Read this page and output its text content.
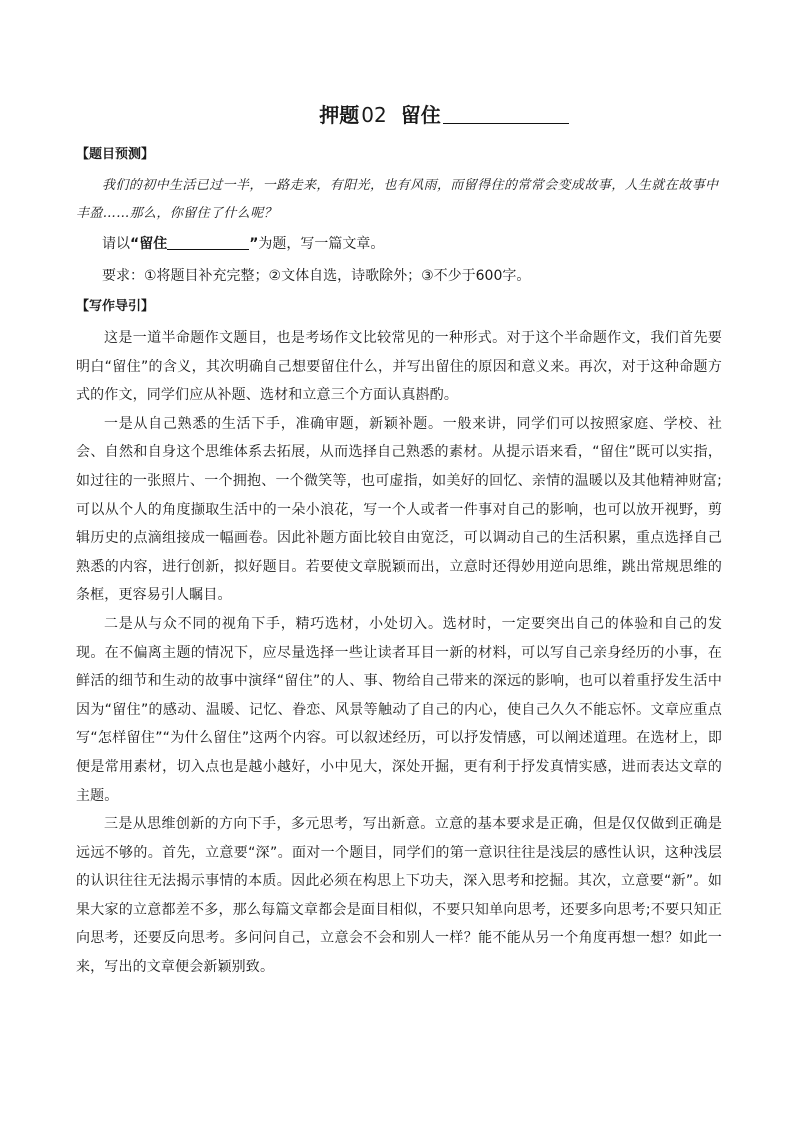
押题 02 留住
【题目预测】

我们的初中生活已过一半，一路走来，有阳光，也有风雨，而留得住的常常会变成故事，人生就在故事中丰盈……那么，你留住了什么呢？

请以“留住	”为题，写一篇文章。
要求：①将题目补充完整；②文体自选，诗歌除外；③不少于600字。
【写作导引】

这是一道半命题作文题目，也是考场作文比较常见的一种形式。对于这个半命题作文，我们首先要明白“留住”的含义，其次明确自己想要留住什么，并写出留住的原因和意义来。再次，对于这种命题方式的作文，同学们应从补题、选材和立意三个方面认真斟酌。

一是从自己熟悉的生活下手，准确审题，新颖补题。一般来讲，同学们可以按照家庭、学校、社会、自然和自身这个思维体系去拓展，从而选择自己熟悉的素材。从提示语来看，“留住”既可以实指，如过往的一张照片、一个拥抱、一个微笑等，也可虚指，如美好的回忆、亲情的温暖以及其他精神财富;可以从个人的角度撷取生活中的一朵小浪花，写一个人或者一件事对自己的影响，也可以放开视野，剪辑历史的点滴组接成一幅画卷。因此补题方面比较自由宽泛，可以调动自己的生活积累，重点选择自己熟悉的内容，进行创新，拟好题目。若要使文章脱颖而出，立意时还得妙用逆向思维，跳出常规思维的条框，更容易引人瞩目。

二是从与众不同的视角下手，精巧选材，小处切入。选材时，一定要突出自己的体验和自己的发现。在不偏离主题的情况下，应尽量选择一些让读者耳目一新的材料，可以写自己亲身经历的小事，在鲜活的细节和生动的故事中演绎“留住”的人、事、物给自己带来的深远的影响，也可以着重抒发生活中因为“留住”的感动、温暖、记忆、眷恋、风景等触动了自己的内心，使自己久久不能忘怀。文章应重点写“怎样留住”“为什么留住”这两个内容。可以叙述经历，可以抒发情感，可以阐述道理。在选材上，即便是常用素材，切入点也是越小越好，小中见大，深处开掘，更有利于抒发真情实感，进而表达文章的主题。

三是从思维创新的方向下手，多元思考，写出新意。立意的基本要求是正确，但是仅仅做到正确是远远不够的。首先，立意要“深”。面对一个题目，同学们的第一意识往往是浅层的感性认识，这种浅层的认识往往无法揭示事情的本质。因此必须在构思上下功夫，深入思考和挖掘。其次，立意要“新”。如果大家的立意都差不多，那么每篇文章都会是面目相似，不要只知单向思考，还要多向思考;不要只知正向思考，还要反向思考。多问问自己，立意会不会和别人一样？能不能从另一个角度再想一想？如此一来，写出的文章便会新颖别致。
